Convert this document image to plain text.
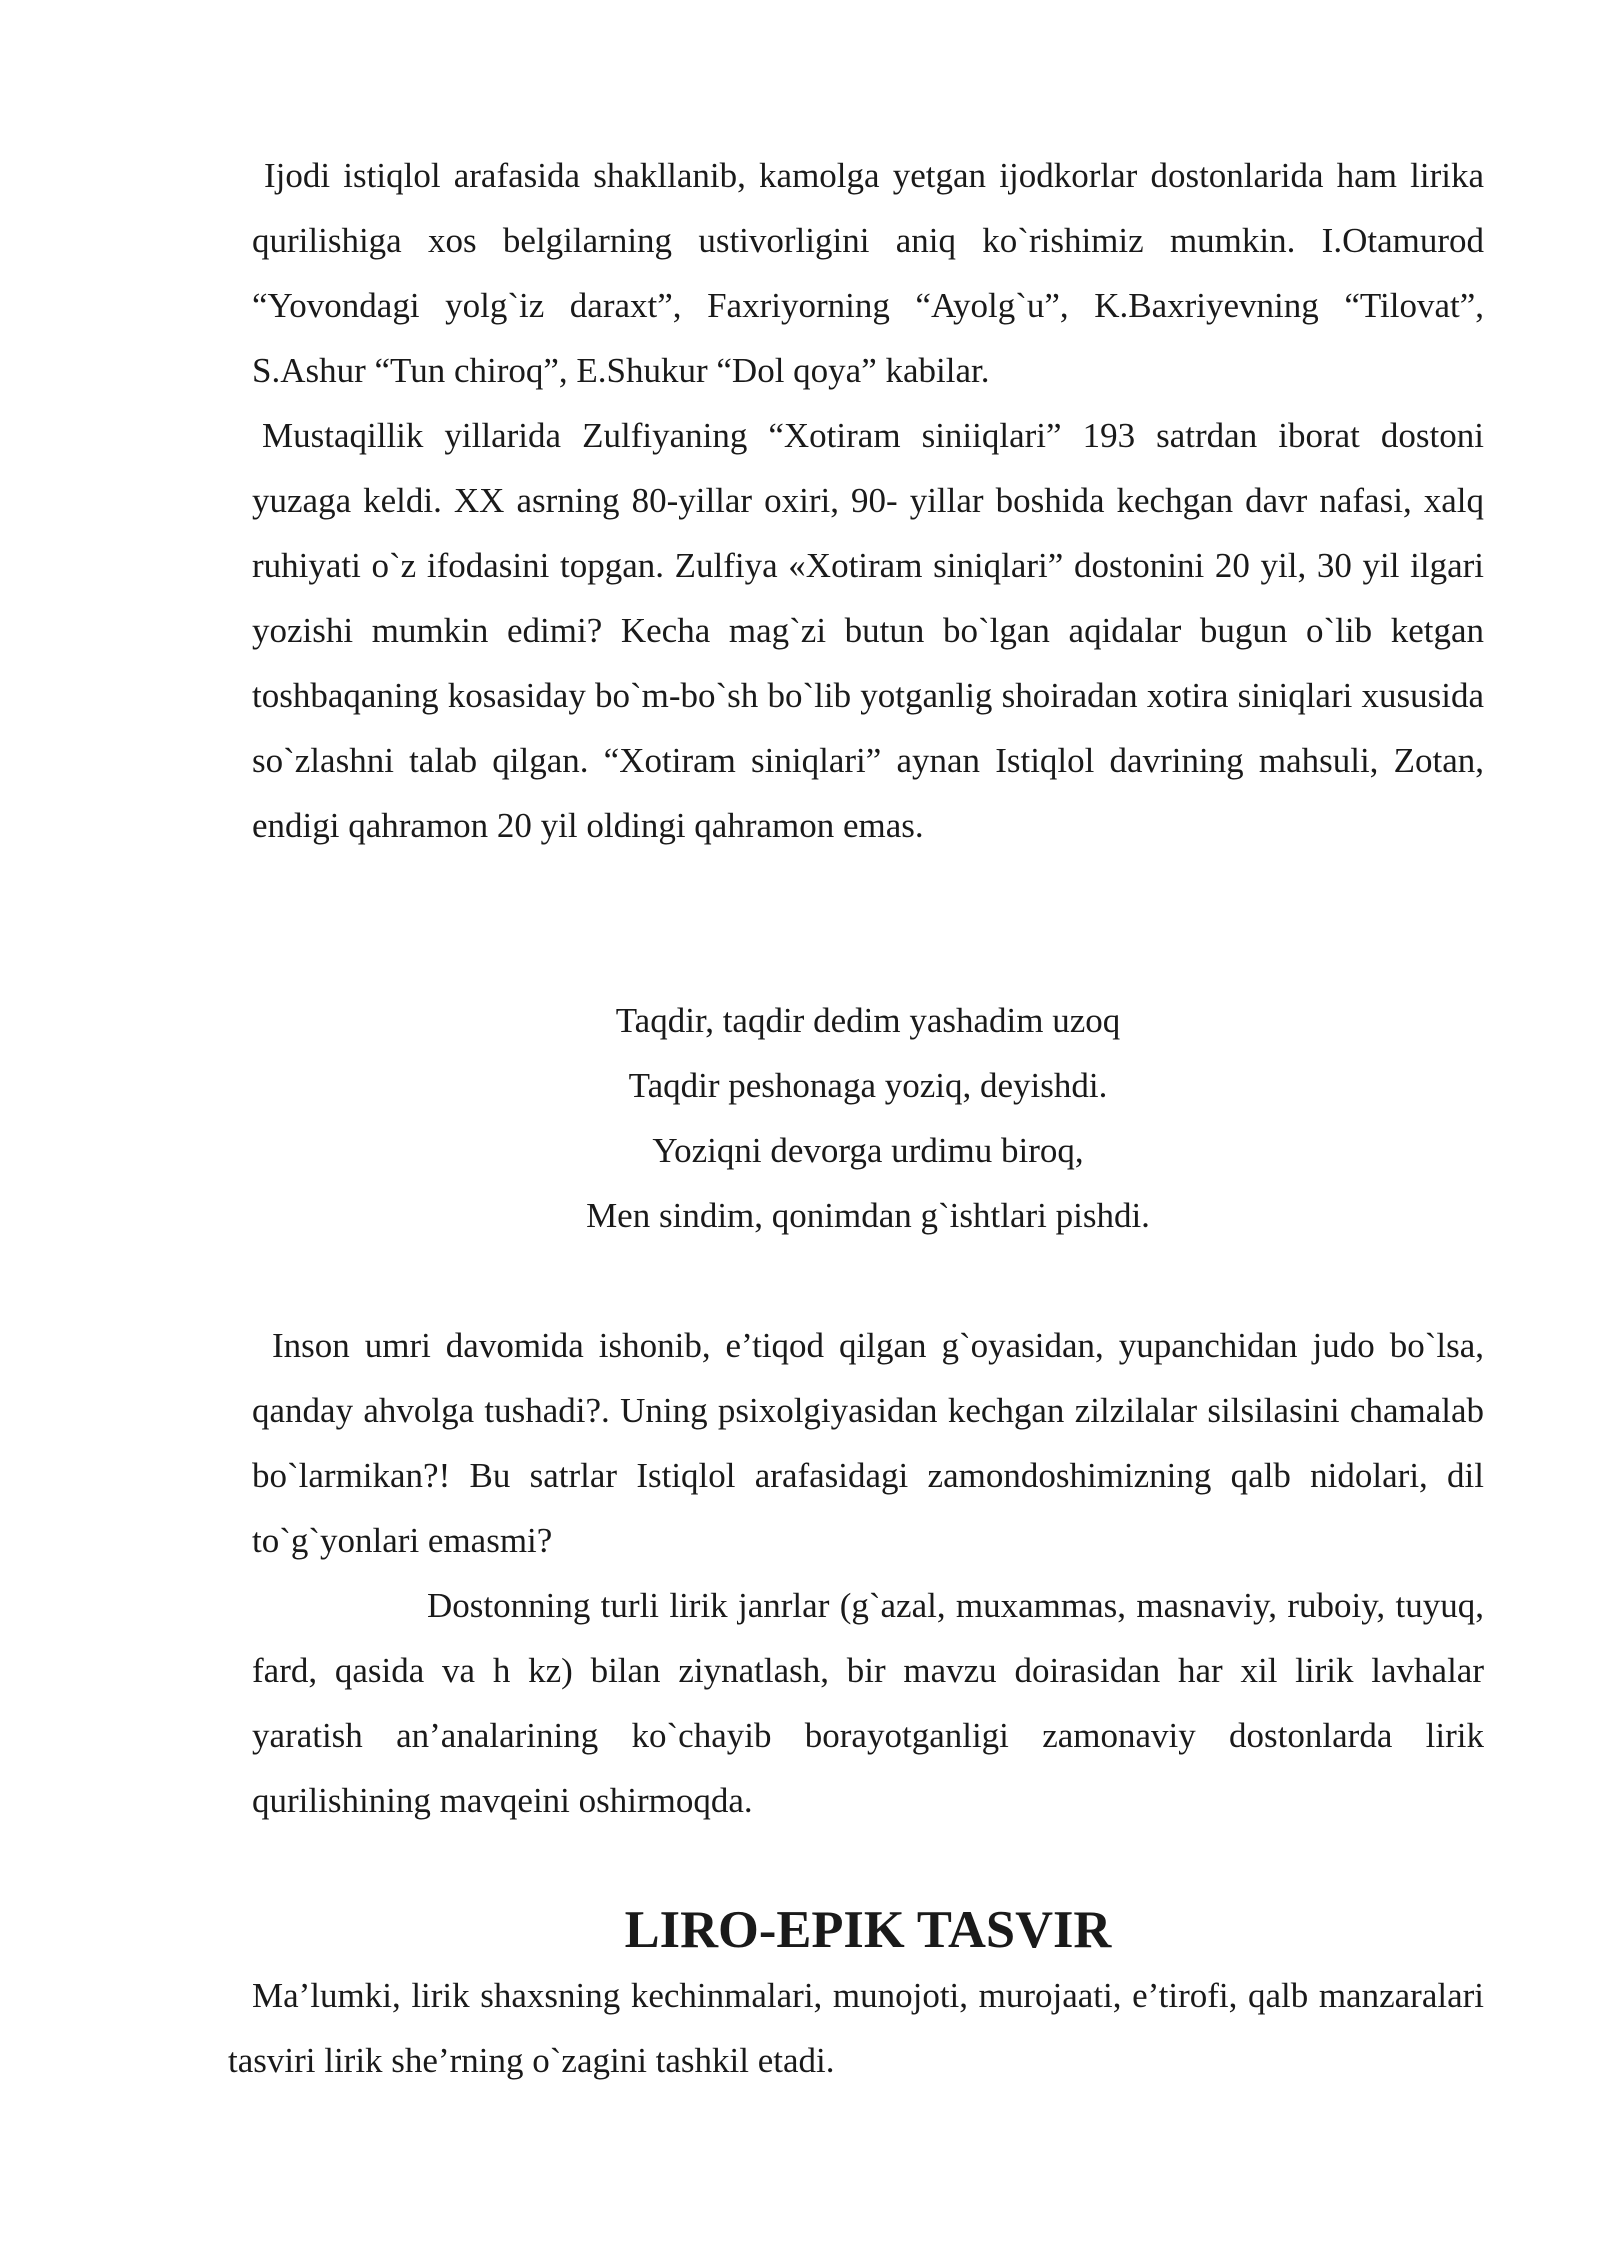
Ijodi istiqlol arafasida shakllanib, kamolga yetgan ijodkorlar dostonlarida ham lirika qurilishiga xos belgilarning ustivorligini aniq ko`rishimiz mumkin. I.Otamurod “Yovondagi yolg`iz daraxt”, Faxriyorning “Ayolg`u”, K.Baxriyevning “Tilovat”, S.Ashur “Tun chiroq”, E.Shukur “Dol qoya” kabilar.

Mustaqillik yillarida Zulfiyaning “Xotiram siniiqlari” 193 satrdan iborat dostoni yuzaga keldi. XX asrning 80-yillar oxiri, 90- yillar boshida kechgan davr nafasi, xalq ruhiyati o`z ifodasini topgan. Zulfiya «Xotiram siniqlari” dostonini 20 yil, 30 yil ilgari yozishi mumkin edimi? Kecha mag`zi butun bo`lgan aqidalar bugun o`lib ketgan toshbaqaning kosasiday bo`m-bo`sh bo`lib yotganlig shoiradan xotira siniqlari xususida so`zlashni talab qilgan. “Xotiram siniqlari” aynan Istiqlol davrining mahsuli, Zotan, endigi qahramon 20 yil oldingi qahramon emas.

Taqdir, taqdir dedim yashadim uzoq
Taqdir peshonaga yoziq, deyishdi.
Yoziqni devorga urdimu biroq,
Men sindim, qonimdan g`ishtlari pishdi.

Inson umri davomida ishonib, e’tiqod qilgan g`oyasidan, yupanchidan judo bo`lsa, qanday ahvolga tushadi?. Uning psixolgiyasidan kechgan zilzilalar silsilasini chamalab bo`larmikan?! Bu satrlar Istiqlol arafasidagi zamondoshimizning qalb nidolari, dil to`g`yonlari emasmi?

Dostonning turli lirik janrlar (g`azal, muxammas, masnaviy, ruboiy, tuyuq, fard, qasida va h kz) bilan ziynatlash, bir mavzu doirasidan har xil lirik lavhalar yaratish an’analarining ko`chayib borayotganligi zamonaviy dostonlarda lirik qurilishining mavqeini oshirmoqda.

LIRO-EPIK TASVIR

Ma’lumki, lirik shaxsning kechinmalari, munojoti, murojaati, e’tirofi, qalb manzaralari tasviri lirik she’rning o`zagini tashkil etadi.
